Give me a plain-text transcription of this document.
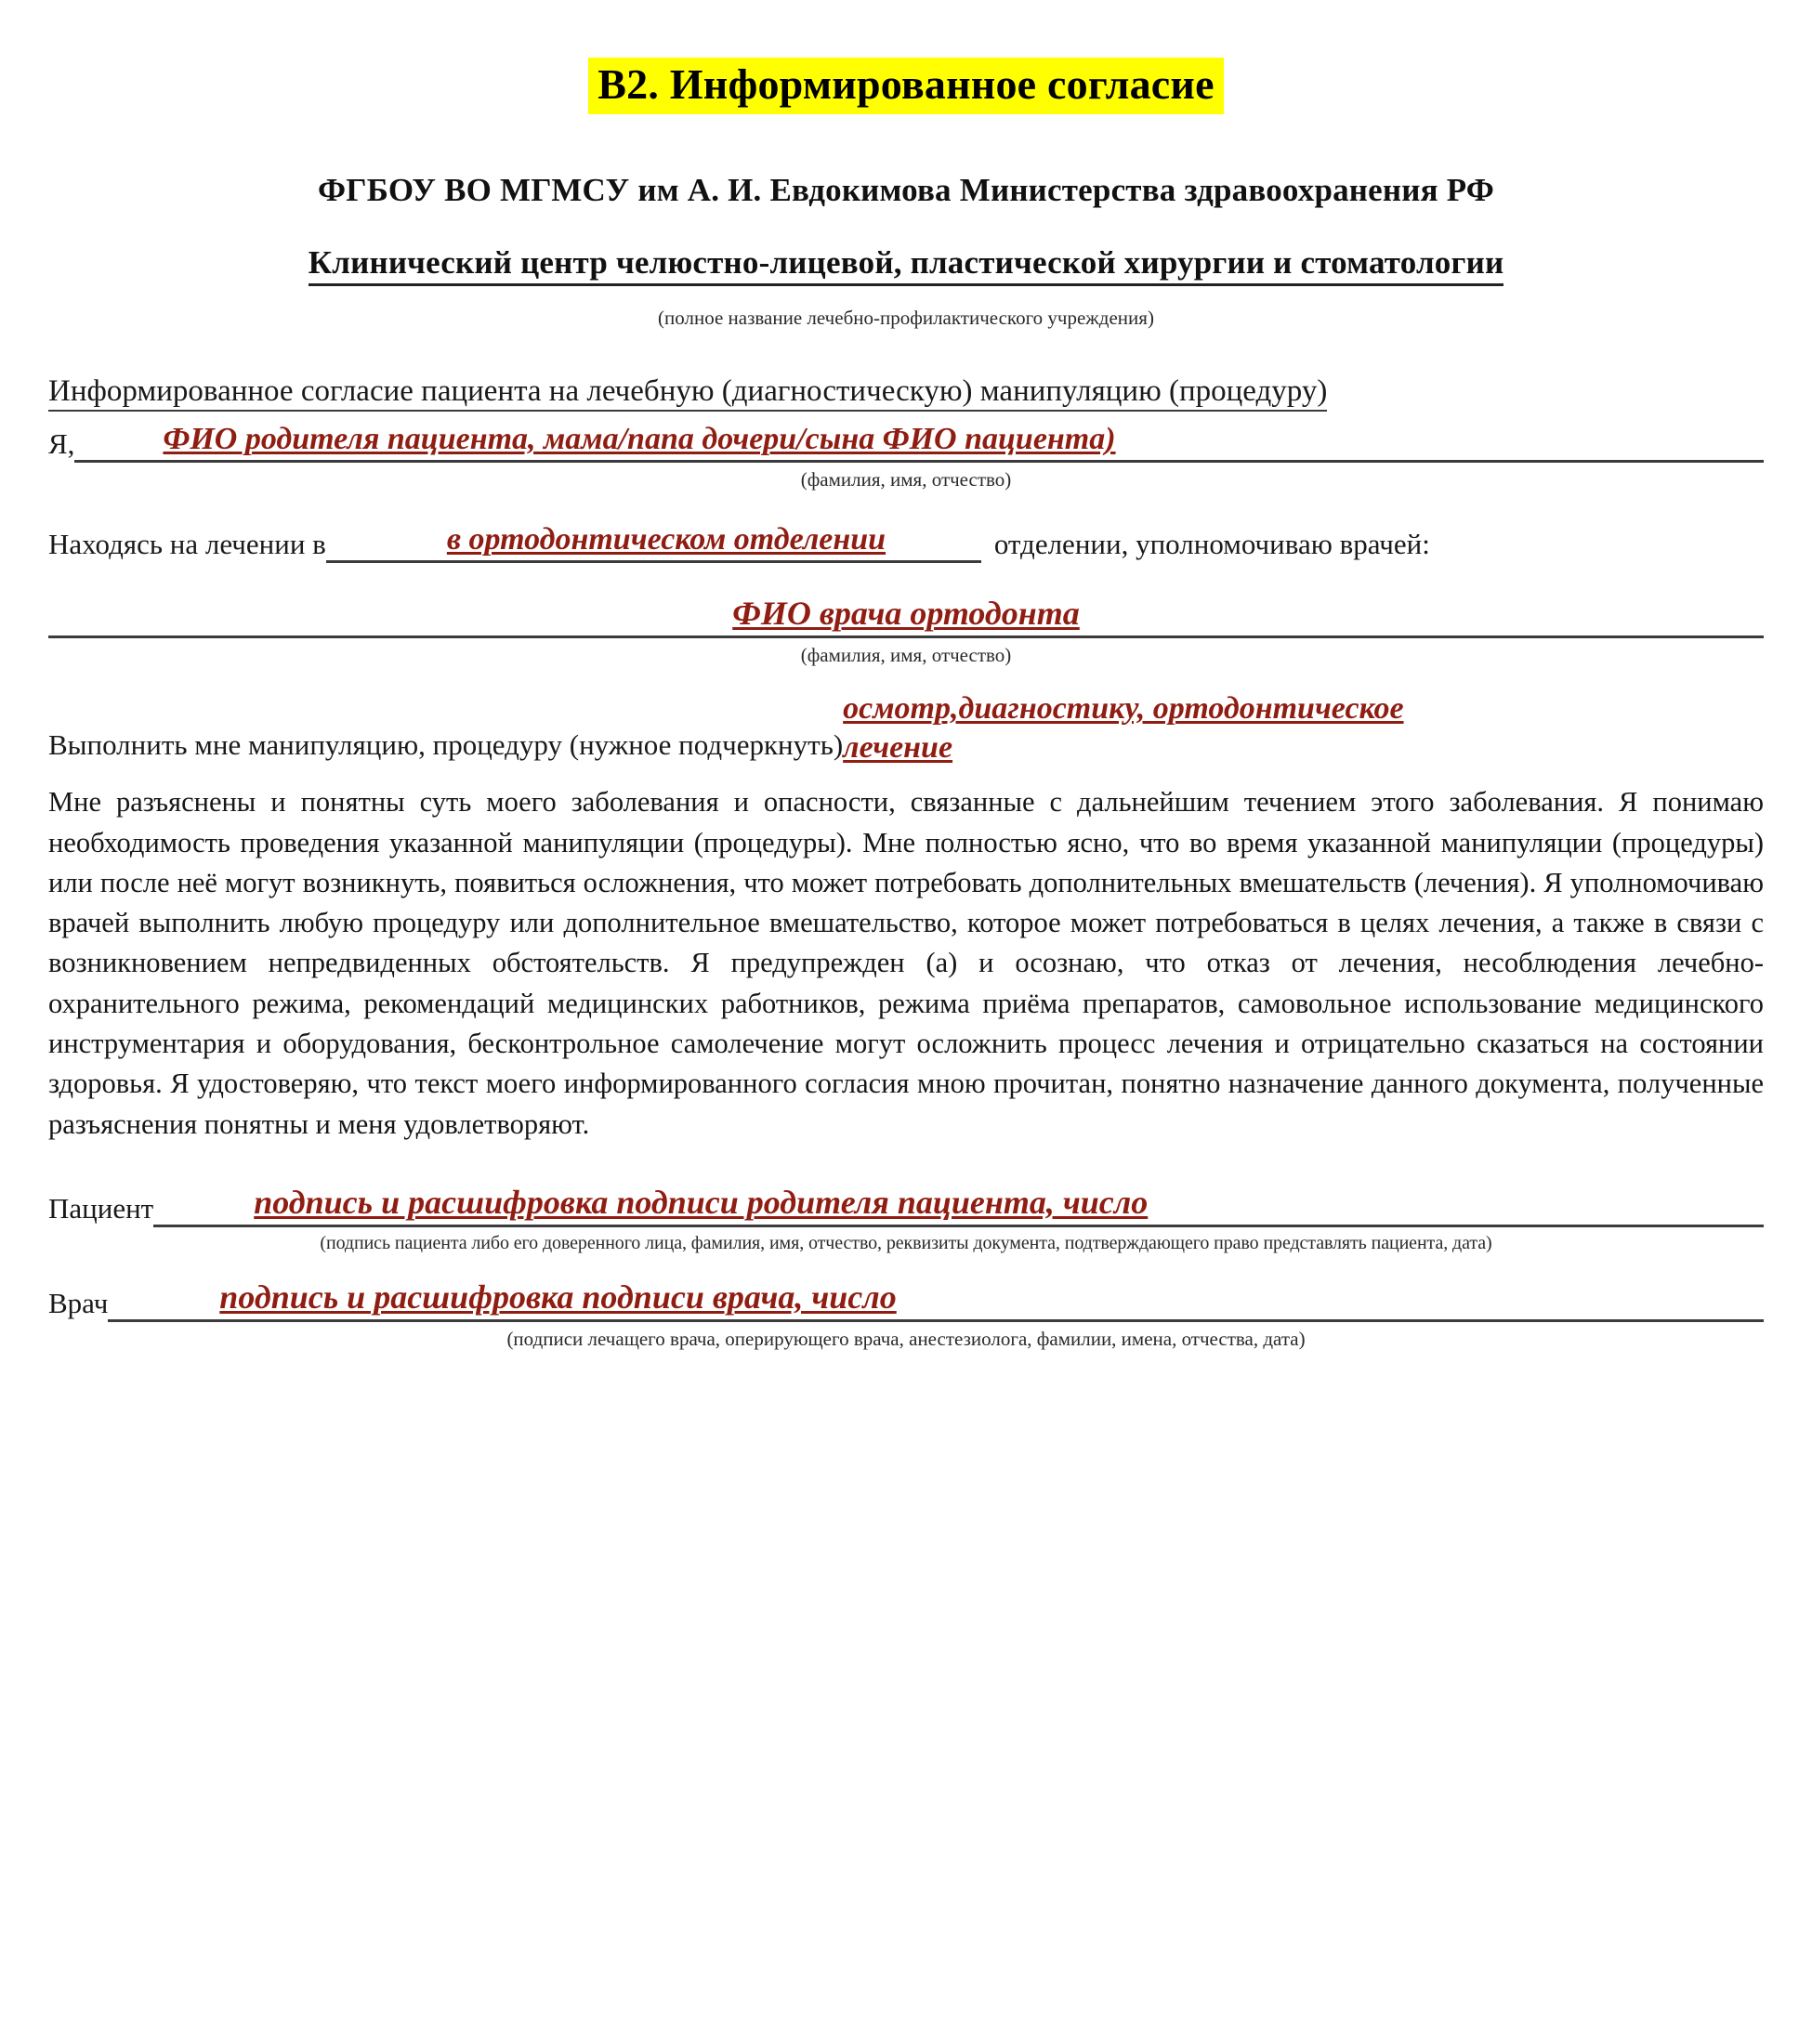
В2. Информированное согласие
ФГБОУ ВО МГМСУ им А. И. Евдокимова Министерства здравоохранения РФ
Клинический центр челюстно-лицевой, пластической хирургии и стоматологии
(полное название лечебно-профилактического учреждения)
Информированное согласие пациента на лечебную (диагностическую) манипуляцию (процедуру)
Я,	ФИО родителя пациента, мама/папа дочери/сына ФИО пациента)
(фамилия, имя, отчество)
Находясь на лечении в	в ортодонтическом отделении	отделении, уполномочиваю врачей:
ФИО врача ортодонта
(фамилия, имя, отчество)
Выполнить мне манипуляцию, процедуру (нужное подчеркнуть)
осмотр,диагностику, ортодонтическое
лечение

Мне разъяснены и понятны суть моего заболевания и опасности, связанные с дальнейшим течением этого заболевания. Я понимаю необходимость проведения указанной манипуляции (процедуры). Мне полностью ясно, что во время указанной манипуляции (процедуры) или после неё могут возникнуть, появиться осложнения, что может потребовать дополнительных вмешательств (лечения). Я уполномочиваю врачей выполнить любую процедуру или дополнительное вмешательство, которое может потребоваться в целях лечения, а также в связи с возникновением непредвиденных обстоятельств. Я предупрежден (а) и осознаю, что отказ от лечения, несоблюдения лечебно-охранительного режима, рекомендаций медицинских работников, режима приёма препаратов, самовольное использование медицинского инструментария и оборудования, бесконтрольное самолечение могут осложнить процесс лечения и отрицательно сказаться на состоянии здоровья. Я удостоверяю, что текст моего информированного согласия мною прочитан, понятно назначение данного документа, полученные разъяснения понятны и меня удовлетворяют.

Пациент	подпись и расшифровка подписи родителя пациента, число
(подпись пациента либо его доверенного лица, фамилия, имя, отчество, реквизиты документа, подтверждающего право представлять пациента, дата)
Врач	подпись и расшифровка подписи врача, число
(подписи лечащего врача, оперирующего врача, анестезиолога, фамилии, имена, отчества, дата)
